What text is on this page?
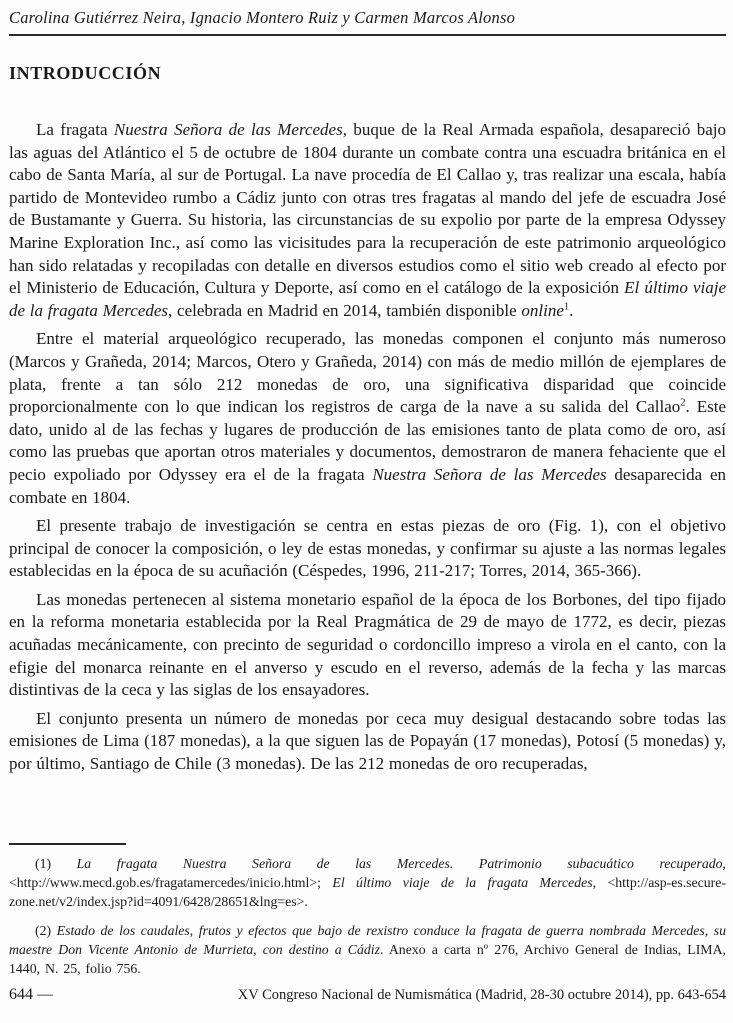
Carolina Gutiérrez Neira, Ignacio Montero Ruiz y Carmen Marcos Alonso
INTRODUCCIÓN

La fragata Nuestra Señora de las Mercedes, buque de la Real Armada española, desapareció bajo las aguas del Atlántico el 5 de octubre de 1804 durante un combate contra una escuadra británica en el cabo de Santa María, al sur de Portugal. La nave procedía de El Callao y, tras realizar una escala, había partido de Montevideo rumbo a Cádiz junto con otras tres fragatas al mando del jefe de escuadra José de Bustamante y Guerra. Su historia, las circunstancias de su expolio por parte de la empresa Odyssey Marine Exploration Inc., así como las vicisitudes para la recuperación de este patrimonio arqueológico han sido relatadas y recopiladas con detalle en diversos estudios como el sitio web creado al efecto por el Ministerio de Educación, Cultura y Deporte, así como en el catálogo de la exposición El último viaje de la fragata Mercedes, celebrada en Madrid en 2014, también disponible online$^1$.

Entre el material arqueológico recuperado, las monedas componen el conjunto más numeroso (Marcos y Grañeda, 2014; Marcos, Otero y Grañeda, 2014) con más de medio millón de ejemplares de plata, frente a tan sólo 212 monedas de oro, una significativa disparidad que coincide proporcionalmente con lo que indican los registros de carga de la nave a su salida del Callao$^2$. Este dato, unido al de las fechas y lugares de producción de las emisiones tanto de plata como de oro, así como las pruebas que aportan otros materiales y documentos, demostraron de manera fehaciente que el pecio expoliado por Odyssey era el de la fragata Nuestra Señora de las Mercedes desaparecida en combate en 1804.

El presente trabajo de investigación se centra en estas piezas de oro (Fig. 1), con el objetivo principal de conocer la composición, o ley de estas monedas, y confirmar su ajuste a las normas legales establecidas en la época de su acuñación (Céspedes, 1996, 211-217; Torres, 2014, 365-366).

Las monedas pertenecen al sistema monetario español de la época de los Borbones, del tipo fijado en la reforma monetaria establecida por la Real Pragmática de 29 de mayo de 1772, es decir, piezas acuñadas mecánicamente, con precinto de seguridad o cordoncillo impreso a virola en el canto, con la efigie del monarca reinante en el anverso y escudo en el reverso, además de la fecha y las marcas distintivas de la ceca y las siglas de los ensayadores.

El conjunto presenta un número de monedas por ceca muy desigual destacando sobre todas las emisiones de Lima (187 monedas), a la que siguen las de Popayán (17 monedas), Potosí (5 monedas) y, por último, Santiago de Chile (3 monedas). De las 212 monedas de oro recuperadas,

(1) La fragata Nuestra Señora de las Mercedes. Patrimonio subacuático recuperado, <http://www.mecd.gob.es/fragatamercedes/inicio.html>; El último viaje de la fragata Mercedes, <http://asp-es.secure-zone.net/v2/index.jsp?id=4091/6428/28651&lng=es>.

(2) Estado de los caudales, frutos y efectos que bajo de rexistro conduce la fragata de guerra nombrada Mercedes, su maestre Don Vicente Antonio de Murrieta, con destino a Cádiz. Anexo a carta nº 276, Archivo General de Indias, LIMA, 1440, N. 25, folio 756.

644 —	XV Congreso Nacional de Numismática (Madrid, 28-30 octubre 2014), pp. 643-654
